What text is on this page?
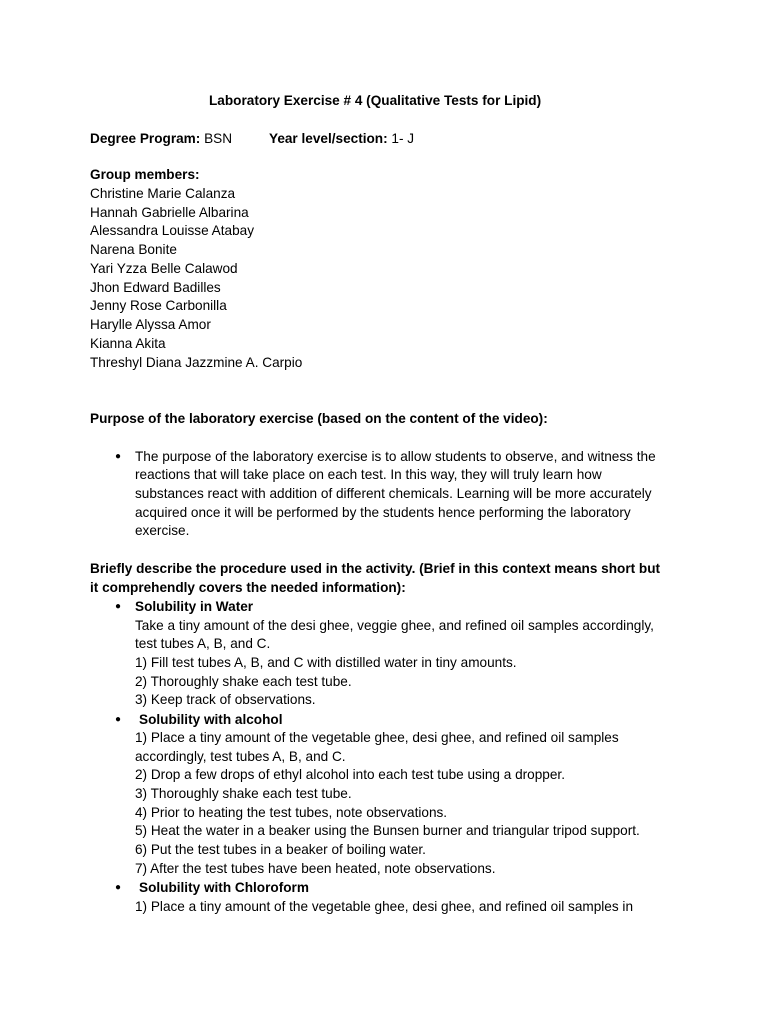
Laboratory Exercise # 4 (Qualitative Tests for Lipid)
Degree Program: BSN	Year level/section: 1- J
Group members:
Christine Marie Calanza
Hannah Gabrielle Albarina
Alessandra Louisse Atabay
Narena Bonite
Yari Yzza Belle Calawod
Jhon Edward Badilles
Jenny Rose Carbonilla
Harylle Alyssa Amor
Kianna Akita
Threshyl Diana Jazzmine A. Carpio
Purpose of the laboratory exercise (based on the content of the video):
● The purpose of the laboratory exercise is to allow students to observe, and witness the
reactions that will take place on each test. In this way, they will truly learn how
substances react with addition of different chemicals. Learning will be more accurately
acquired once it will be performed by the students hence performing the laboratory
exercise.
Briefly describe the procedure used in the activity. (Brief in this context means short but
it comprehendly covers the needed information):
● Solubility in Water
Take a tiny amount of the desi ghee, veggie ghee, and refined oil samples accordingly,
test tubes A, B, and C.
1) Fill test tubes A, B, and C with distilled water in tiny amounts.
2) Thoroughly shake each test tube.
3) Keep track of observations.
● Solubility with alcohol
1) Place a tiny amount of the vegetable ghee, desi ghee, and refined oil samples
accordingly, test tubes A, B, and C.
2) Drop a few drops of ethyl alcohol into each test tube using a dropper.
3) Thoroughly shake each test tube.
4) Prior to heating the test tubes, note observations.
5) Heat the water in a beaker using the Bunsen burner and triangular tripod support.
6) Put the test tubes in a beaker of boiling water.
7) After the test tubes have been heated, note observations.
● Solubility with Chloroform
1) Place a tiny amount of the vegetable ghee, desi ghee, and refined oil samples in
